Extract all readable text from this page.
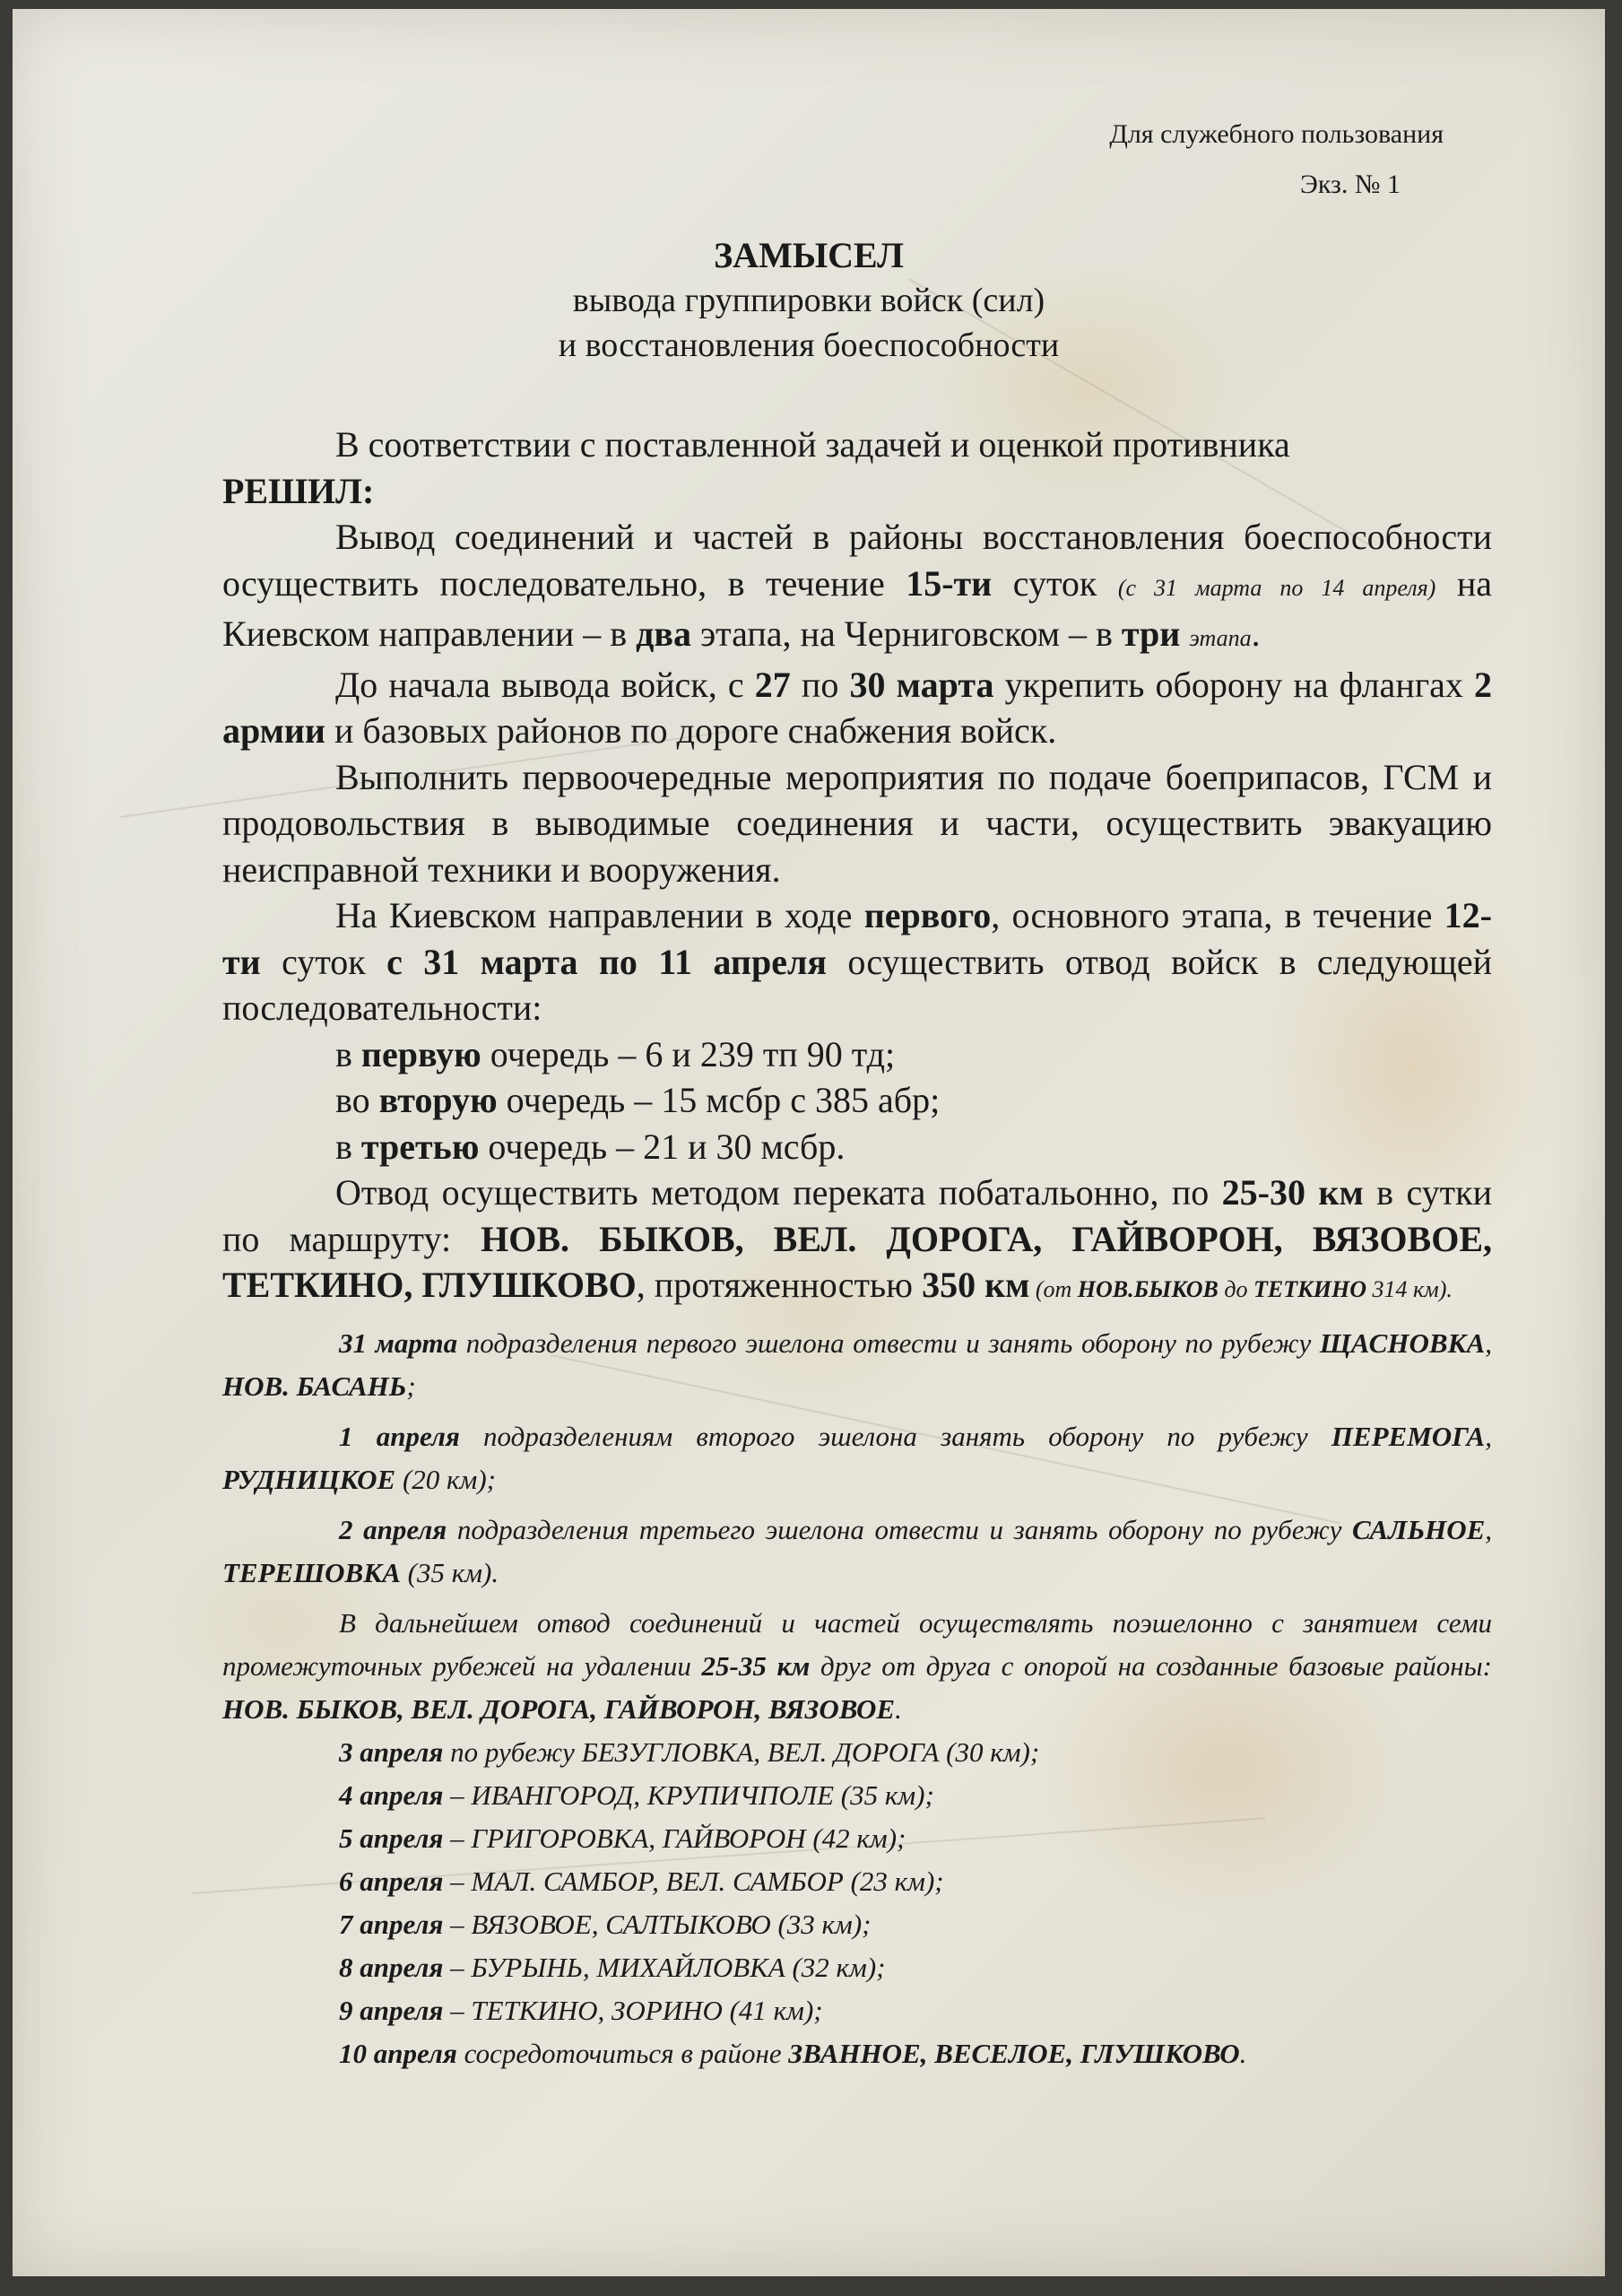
Для служебного пользования
Экз. № 1
ЗАМЫСЕЛ
вывода группировки войск (сил)
и восстановления боеспособности

В соответствии с поставленной задачей и оценкой противника

РЕШИЛ:

Вывод соединений и частей в районы восстановления боеспособности осуществить последовательно, в течение 15-ти суток (с 31 марта по 14 апреля) на Киевском направлении – в два этапа, на Черниговском – в три этапа.

До начала вывода войск, с 27 по 30 марта укрепить оборону на флангах 2 армии и базовых районов по дороге снабжения войск.

Выполнить первоочередные мероприятия по подаче боеприпасов, ГСМ и продовольствия в выводимые соединения и части, осуществить эвакуацию неисправной техники и вооружения.

На Киевском направлении в ходе первого, основного этапа, в течение 12-ти суток с 31 марта по 11 апреля осуществить отвод войск в следующей последовательности:

в первую очередь – 6 и 239 тп 90 тд;
во вторую очередь – 15 мсбр с 385 абр;
в третью очередь – 21 и 30 мсбр.

Отвод осуществить методом переката побатальонно, по 25-30 км в сутки по маршруту: НОВ. БЫКОВ, ВЕЛ. ДОРОГА, ГАЙВОРОН, ВЯЗОВОЕ, ТЕТКИНО, ГЛУШКОВО, протяженностью 350 км (от НОВ.БЫКОВ до ТЕТКИНО 314 км).

31 марта подразделения первого эшелона отвести и занять оборону по рубежу ЩАСНОВКА, НОВ. БАСАНЬ;

1 апреля подразделениям второго эшелона занять оборону по рубежу ПЕРЕМОГА, РУДНИЦКОЕ (20 км);

2 апреля подразделения третьего эшелона отвести и занять оборону по рубежу САЛЬНОЕ, ТЕРЕШОВКА (35 км).

В дальнейшем отвод соединений и частей осуществлять поэшелонно с занятием семи промежуточных рубежей на удалении 25-35 км друг от друга с опорой на созданные базовые районы: НОВ. БЫКОВ, ВЕЛ. ДОРОГА, ГАЙВОРОН, ВЯЗОВОЕ.

3 апреля по рубежу БЕЗУГЛОВКА, ВЕЛ. ДОРОГА (30 км);

4 апреля – ИВАНГОРОД, КРУПИЧПОЛЕ (35 км);

5 апреля – ГРИГОРОВКА, ГАЙВОРОН (42 км);

6 апреля – МАЛ. САМБОР, ВЕЛ. САМБОР (23 км);

7 апреля – ВЯЗОВОЕ, САЛТЫКОВО (33 км);

8 апреля – БУРЫНЬ, МИХАЙЛОВКА (32 км);

9 апреля – ТЕТКИНО, ЗОРИНО (41 км);

10 апреля сосредоточиться в районе ЗВАННОЕ, ВЕСЕЛОЕ, ГЛУШКОВО.
